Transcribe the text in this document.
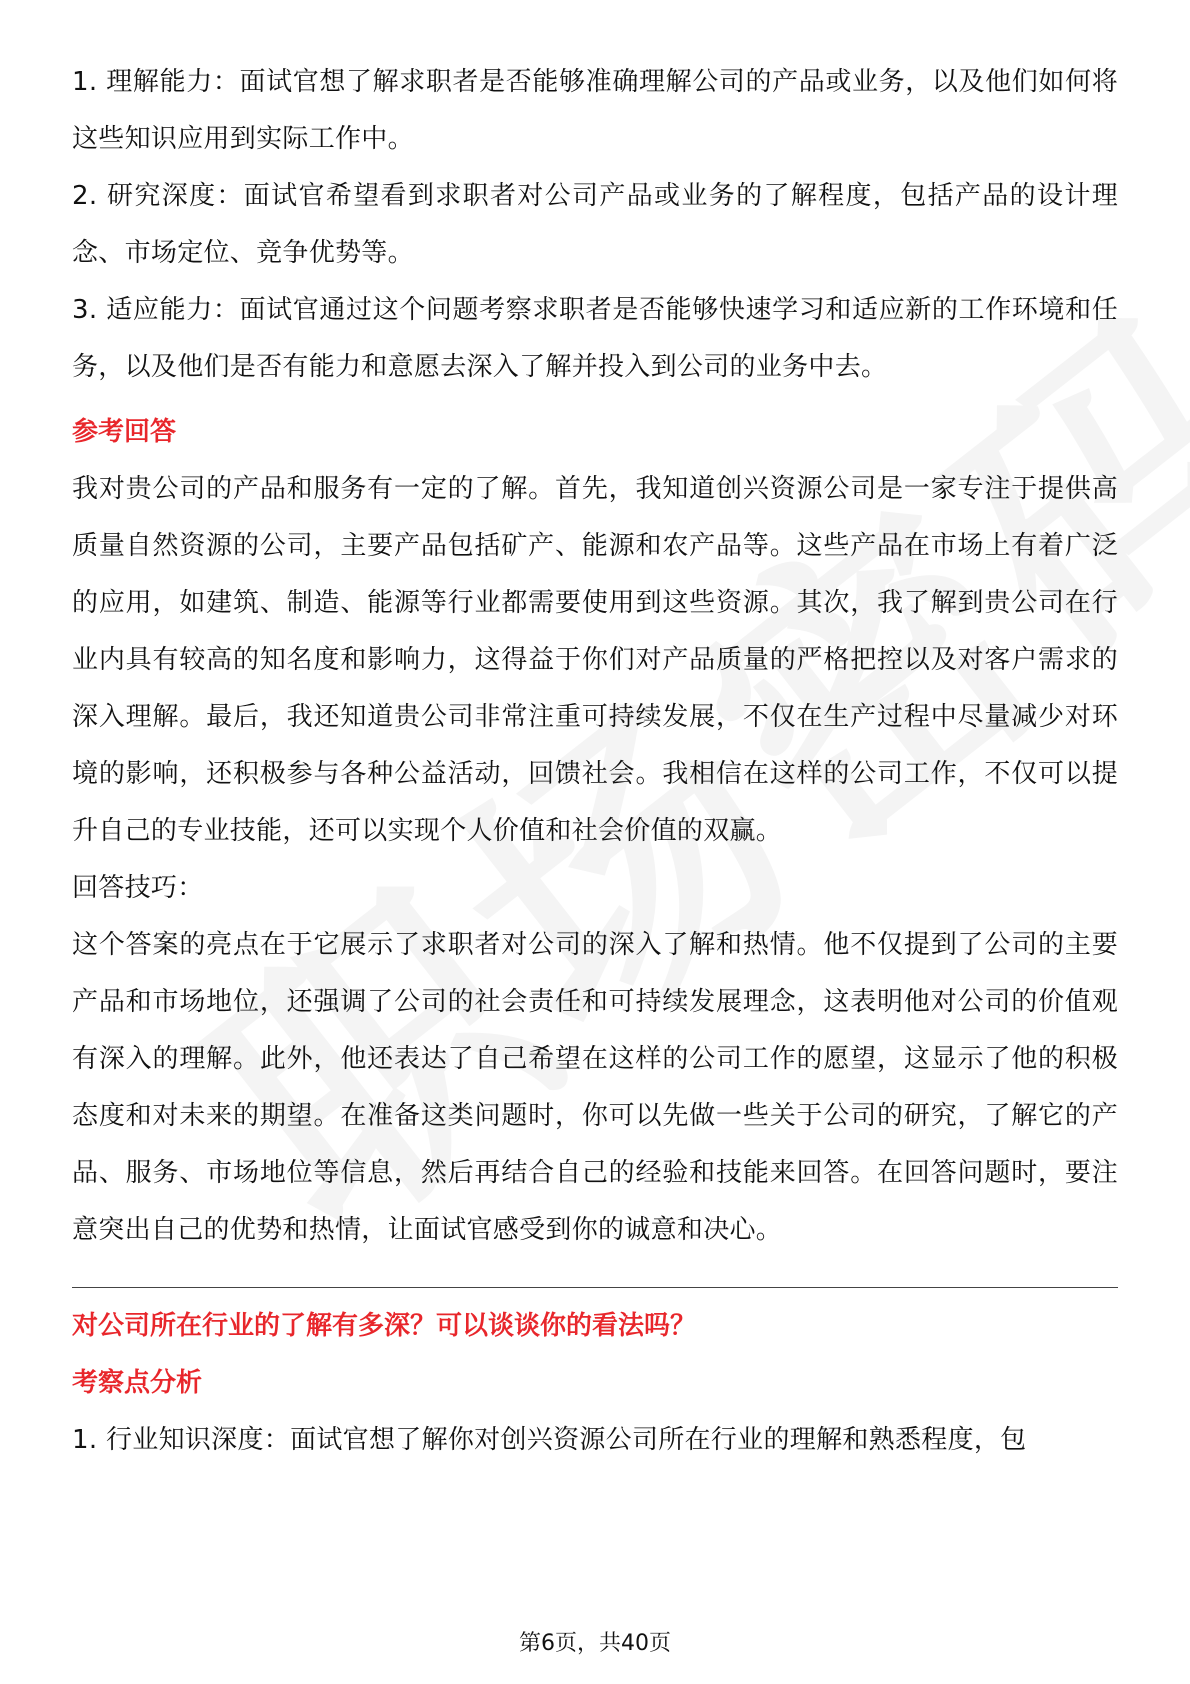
1. 理解能力：面试官想了解求职者是否能够准确理解公司的产品或业务，以及他们如何将这些知识应用到实际工作中。

2. 研究深度：面试官希望看到求职者对公司产品或业务的了解程度，包括产品的设计理念、市场定位、竞争优势等。

3. 适应能力：面试官通过这个问题考察求职者是否能够快速学习和适应新的工作环境和任务，以及他们是否有能力和意愿去深入了解并投入到公司的业务中去。

参考回答

我对贵公司的产品和服务有一定的了解。首先，我知道创兴资源公司是一家专注于提供高质量自然资源的公司，主要产品包括矿产、能源和农产品等。这些产品在市场上有着广泛的应用，如建筑、制造、能源等行业都需要使用到这些资源。其次，我了解到贵公司在行业内具有较高的知名度和影响力，这得益于你们对产品质量的严格把控以及对客户需求的深入理解。最后，我还知道贵公司非常注重可持续发展，不仅在生产过程中尽量减少对环境的影响，还积极参与各种公益活动，回馈社会。我相信在这样的公司工作，不仅可以提升自己的专业技能，还可以实现个人价值和社会价值的双赢。

回答技巧：

这个答案的亮点在于它展示了求职者对公司的深入了解和热情。他不仅提到了公司的主要产品和市场地位，还强调了公司的社会责任和可持续发展理念，这表明他对公司的价值观有深入的理解。此外，他还表达了自己希望在这样的公司工作的愿望，这显示了他的积极态度和对未来的期望。在准备这类问题时，你可以先做一些关于公司的研究，了解它的产品、服务、市场地位等信息，然后再结合自己的经验和技能来回答。在回答问题时，要注意突出自己的优势和热情，让面试官感受到你的诚意和决心。

对公司所在行业的了解有多深？可以谈谈你的看法吗？

考察点分析

1. 行业知识深度：面试官想了解你对创兴资源公司所在行业的理解和熟悉程度，包

第6页，共40页
